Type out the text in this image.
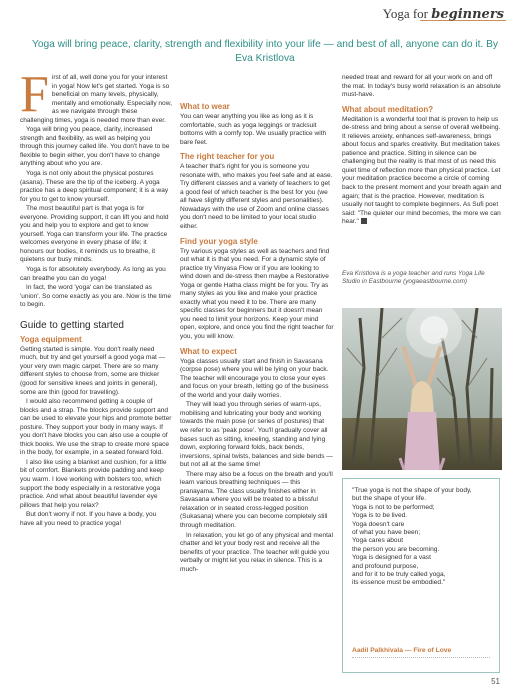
Yoga for beginners
Yoga will bring peace, clarity, strength and flexibility into your life — and best of all, anyone can do it. By Eva Kristlova
F irst of all, well done you for your interest in yoga! Now let's get started. Yoga is so beneficial on many levels, physically, mentally and emotionally. Especially now, as we navigate through these challenging times, yoga is needed more than ever.

Yoga will bring you peace, clarity, increased strength and flexibility, as well as helping you through this journey called life. You don't have to be flexible to begin either, you don't have to change anything about who you are.

Yoga is not only about the physical postures (asana). These are the tip of the iceberg. A yoga practice has a deep spiritual component; it is a way for you to get to know yourself.

The most beautiful part is that yoga is for everyone. Providing support, it can lift you and hold you and help you to explore and get to know yourself. Yoga can transform your life. The practice welcomes everyone in every phase of life; it honours our bodies, it reminds us to breathe, it quietens our busy minds.

Yoga is for absolutely everybody. As long as you can breathe you can do yoga!

In fact, the word 'yoga' can be translated as 'union'. So come exactly as you are. Now is the time to begin.

Guide to getting started
Yoga equipment

Getting started is simple. You don't really need much, but try and get yourself a good yoga mat — your very own magic carpet. There are so many different styles to choose from, some are thicker (good for sensitive knees and joints in general), some are thin (good for travelling).

I would also recommend getting a couple of blocks and a strap. The blocks provide support and can be used to elevate your hips and promote better posture. They support your body in many ways. If you don't have blocks you can also use a couple of thick books. We use the strap to create more space in the body, for example, in a seated forward fold.

I also like using a blanket and cushion, for a little bit of comfort. Blankets provide padding and keep you warm. I love working with bolsters too, which support the body especially in a restorative yoga practice. And what about beautiful lavender eye pillows that help you relax?

But don't worry if not. If you have a body, you have all you need to practice yoga!

What to wear

You can wear anything you like as long as it is comfortable, such as yoga leggings or tracksuit bottoms with a comfy top. We usually practice with bare feet.

The right teacher for you

A teacher that's right for you is someone you resonate with, who makes you feel safe and at ease. Try different classes and a variety of teachers to get a good feel of which teacher is the best for you (we all have slightly different styles and personalities). Nowadays with the use of Zoom and online classes you don't need to be limited to your local studio either.

Find your yoga style

Try various yoga styles as well as teachers and find out what it is that you need. For a dynamic style of practice try Vinyasa Flow or if you are looking to wind down and de-stress then maybe a Restorative Yoga or gentle Hatha class might be for you. Try as many styles as you like and make your practice exactly what you need it to be. There are many specific classes for beginners but it doesn't mean you need to limit your horizons. Keep your mind open, explore, and once you find the right teacher for you, you will know.

What to expect

Yoga classes usually start and finish in Savasana (corpse pose) where you will be lying on your back. The teacher will encourage you to close your eyes and focus on your breath, letting go of the business of the world and your daily worries.

They will lead you through series of warm-ups, mobilising and lubricating your body and working towards the main pose (or series of postures) that we refer to as 'peak pose'. You'll gradually cover all bases such as sitting, kneeling, standing and lying down, exploring forward folds, back bends, inversions, spinal twists, balances and side bends — but not all at the same time!

There may also be a focus on the breath and you'll learn various breathing techniques — this pranayama. The class usually finishes either in Savasana where you will be treated to a blissful relaxation or in seated cross-legged position (Sukasana) where you can become completely still through meditation.

In relaxation, you let go of any physical and mental chatter and let your body rest and receive all the benefits of your practice. The teacher will guide you verbally or might let you relax in silence. This is a much-

needed treat and reward for all your work on and off the mat. In today's busy world relaxation is an absolute must-have.

What about meditation?

Meditation is a wonderful tool that is proven to help us de-stress and bring about a sense of overall wellbeing. It relieves anxiety, enhances self-awareness, brings about focus and sparks creativity. But meditation takes patience and practice. Sitting in silence can be challenging but the reality is that most of us need this quiet time of reflection more than physical practice. Let your meditation practice become a circle of coming back to the present moment and your breath again and again; that is the practice. However, meditation is usually not taught to complete beginners. As Sufi poet said: "The quieter our mind becomes, the more we can hear."

Eva Kristlova is a yoga teacher and runs Yoga Life Studio in Eastbourne (yogaeastbourne.com)
"True yoga is not the shape of your body,
but the shape of your life.
Yoga is not to be performed;
Yoga is to be lived.
Yoga doesn't care
of what you have been;
Yoga cares about
the person you are becoming.
Yoga is designed for a vast
and profound purpose,
and for it to be truly called yoga,
its essence must be embodied."
Aadil Palkhivala — Fire of Love
51
